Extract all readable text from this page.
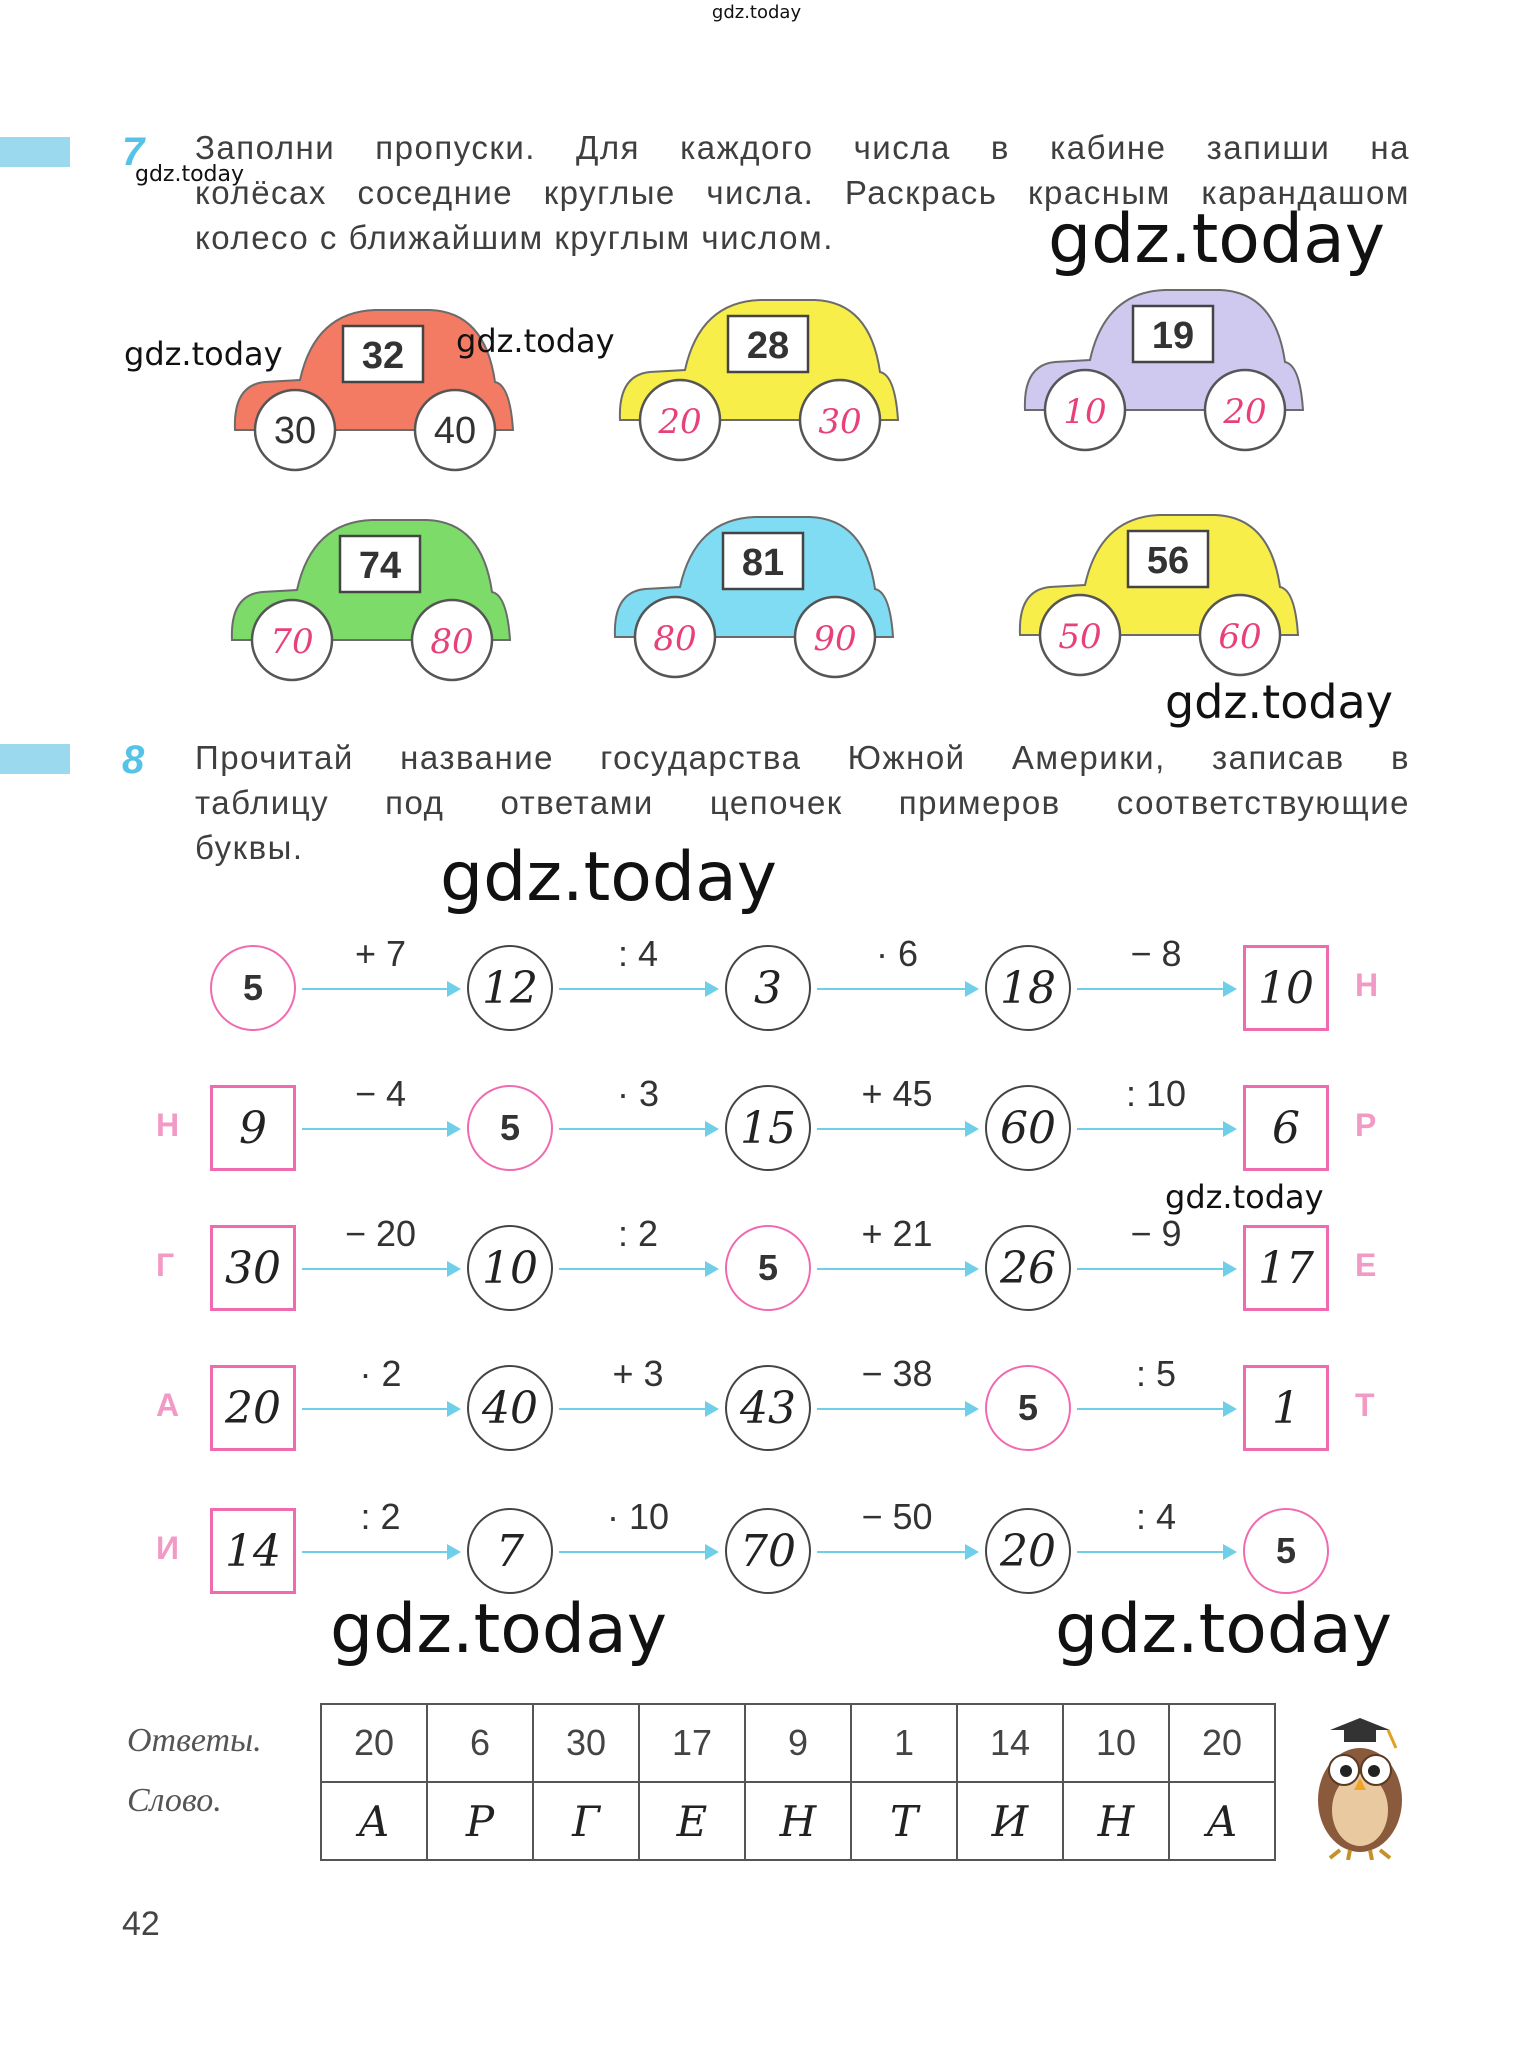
gdz.today
7 Заполни пропуски. Для каждого числа в кабине запиши на
колёсах соседние круглые числа. Раскрась красным карандашом
колесо с ближайшим круглым числом.
32
30	40
28
20	30
19
10	20
74
70	80
81
80	90
56
50	60
8 Прочитай название государства Южной Америки, записав в
таблицу под ответами цепочек примеров соответствующие
буквы.
Н
5	12	3	18	10
+ 7	: 4	· 6	− 8
Н	Р
9	5	15	60	6
− 4	· 3	+ 45	: 10
Г	Е
30	10	5	26	17
− 20	: 2	+ 21	− 9
А	Т
20	40	43	5	1
· 2	+ 3	− 38	: 5
И 14	7	70	20	5
: 2	· 10	− 50	: 4
Ответы.
Слово.
20	6	30	17	9	1	14	10	20
А	Р	Г	Е	Н	Т	И	Н	А
gdz.today
gdz.today
gdz.today	gdz.today
gdz.today
gdz.today
gdz.today
gdz.today	gdz.today
42
